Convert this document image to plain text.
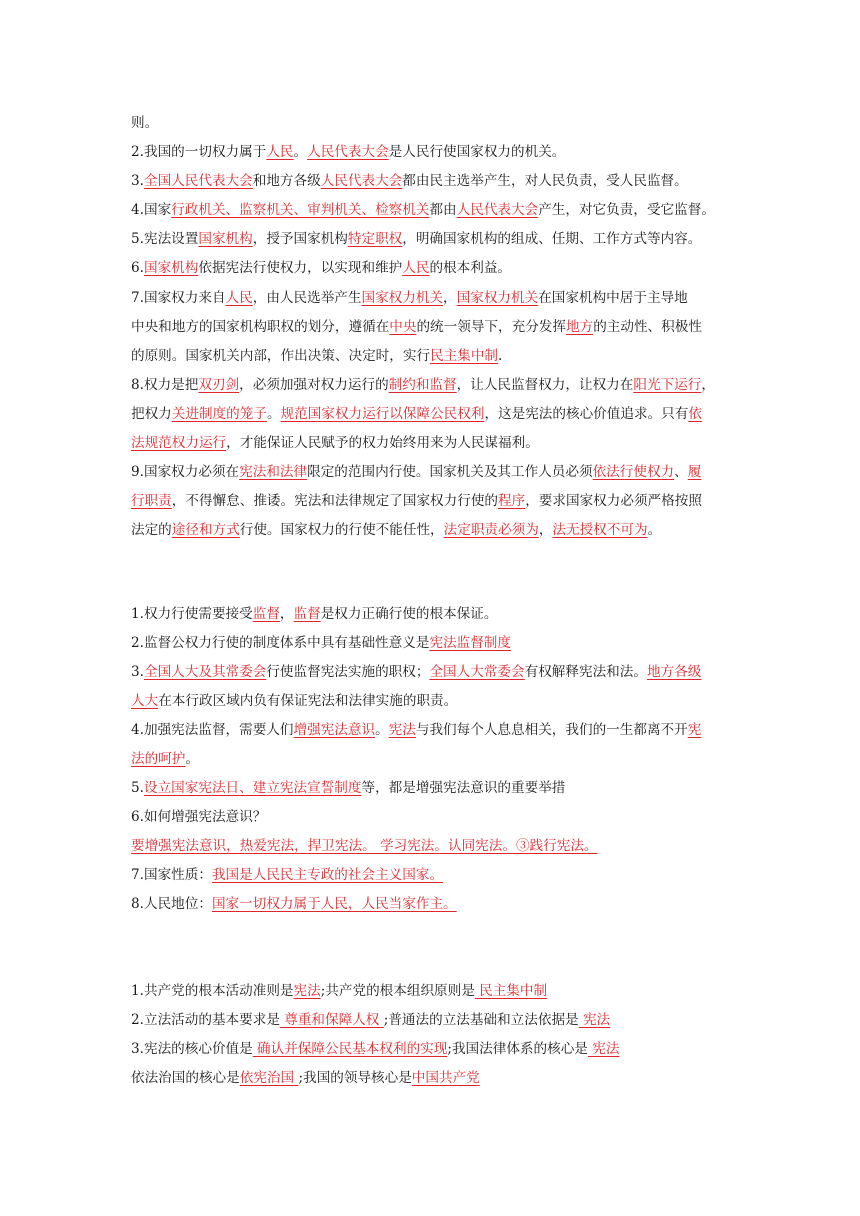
则。
2.我国的一切权力属于人民。人民代表大会是人民行使国家权力的机关。
3.全国人民代表大会和地方各级人民代表大会都由民主选举产生，对人民负责，受人民监督。
4.国家行政机关、监察机关、审判机关、检察机关都由人民代表大会产生，对它负责，受它监督。
5.宪法设置国家机构，授予国家机构特定职权，明确国家机构的组成、任期、工作方式等内容。
6.国家机构依据宪法行使权力，以实现和维护人民的根本利益。
7.国家权力来自人民，由人民选举产生国家权力机关，国家权力机关在国家机构中居于主导地
中央和地方的国家机构职权的划分，遵循在中央的统一领导下，充分发挥地方的主动性、积极性
的原则。国家机关内部，作出决策、决定时，实行民主集中制.
8.权力是把双刃剑，必须加强对权力运行的制约和监督，让人民监督权力，让权力在阳光下运行，
把权力关进制度的笼子。规范国家权力运行以保障公民权利，这是宪法的核心价值追求。只有依
法规范权力运行，才能保证人民赋予的权力始终用来为人民谋福利。
9.国家权力必须在宪法和法律限定的范围内行使。国家机关及其工作人员必须依法行使权力、履
行职责，不得懈怠、推诿。宪法和法律规定了国家权力行使的程序，要求国家权力必须严格按照
法定的途径和方式行使。国家权力的行使不能任性，法定职责必须为，法无授权不可为。
1.权力行使需要接受监督，监督是权力正确行使的根本保证。
2.监督公权力行使的制度体系中具有基础性意义是宪法监督制度
3.全国人大及其常委会行使监督宪法实施的职权；全国人大常委会有权解释宪法和法。地方各级
人大在本行政区域内负有保证宪法和法律实施的职责。
4.加强宪法监督，需要人们增强宪法意识。宪法与我们每个人息息相关，我们的一生都离不开宪
法的呵护。
5.设立国家宪法日、建立宪法宣誓制度等，都是增强宪法意识的重要举措
6.如何增强宪法意识？
要增强宪法意识，热爱宪法，捍卫宪法。 学习宪法。认同宪法。③践行宪法。
7.国家性质：我国是人民民主专政的社会主义国家。
8.人民地位：国家一切权力属于人民，人民当家作主。
1.共产党的根本活动准则是宪法;共产党的根本组织原则是 民主集中制
2.立法活动的基本要求是 尊重和保障人权 ;普通法的立法基础和立法依据是 宪法
3.宪法的核心价值是 确认并保障公民基本权利的实现;我国法律体系的核心是 宪法
依法治国的核心是依宪治国 ;我国的领导核心是中国共产党
